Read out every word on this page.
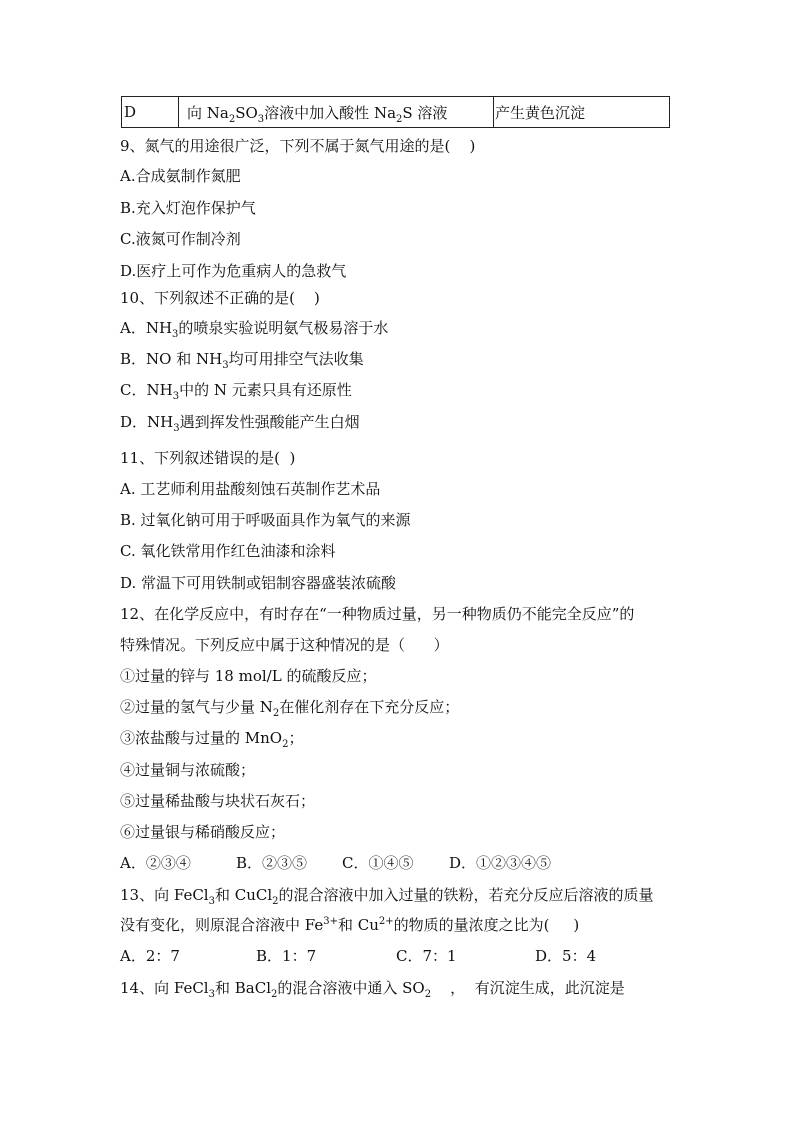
D	向 $Na_2SO_3$溶液中加入酸性 $Na_2S$ 溶液	产生黄色沉淀
9、氮气的用途很广泛，下列不属于氮气用途的是(    )
A.合成氨制作氮肥
B.充入灯泡作保护气
C.液氮可作制冷剂
D.医疗上可作为危重病人的急救气
10、下列叙述不正确的是(    )
A．$NH_3$的喷泉实验说明氨气极易溶于水
B．NO 和 $NH_3$均可用排空气法收集
C．$NH_3$中的 N 元素只具有还原性
D．$NH_3$遇到挥发性强酸能产生白烟
11、下列叙述错误的是(  )
A. 工艺师利用盐酸刻蚀石英制作艺术品
B. 过氧化钠可用于呼吸面具作为氧气的来源
C. 氧化铁常用作红色油漆和涂料
D. 常温下可用铁制或铝制容器盛装浓硫酸
12、在化学反应中，有时存在“一种物质过量，另一种物质仍不能完全反应”的
特殊情况。下列反应中属于这种情况的是（      ）
①过量的锌与 18 mol/L 的硫酸反应；
②过量的氢气与少量 $N_2$在催化剂存在下充分反应；
③浓盐酸与过量的 MnO$_2$；
④过量铜与浓硫酸；
⑤过量稀盐酸与块状石灰石；
⑥过量银与稀硝酸反应；
13、向 FeCl$_3$和 CuCl$_2$的混合溶液中加入过量的铁粉，若充分反应后溶液的质量
没有变化，则原混合溶液中 $Fe^{3+}$和 $Cu^{2+}$的物质的量浓度之比为(     )
14、向 FeCl$_3$和 BaCl$_2$的混合溶液中通入 $SO_2$    ，  有沉淀生成，此沉淀是
A．②③④	B．②③⑤ C．①④⑤ D．①②③④⑤
A．2：7	B．1：7	C．7：1	D．5：4
